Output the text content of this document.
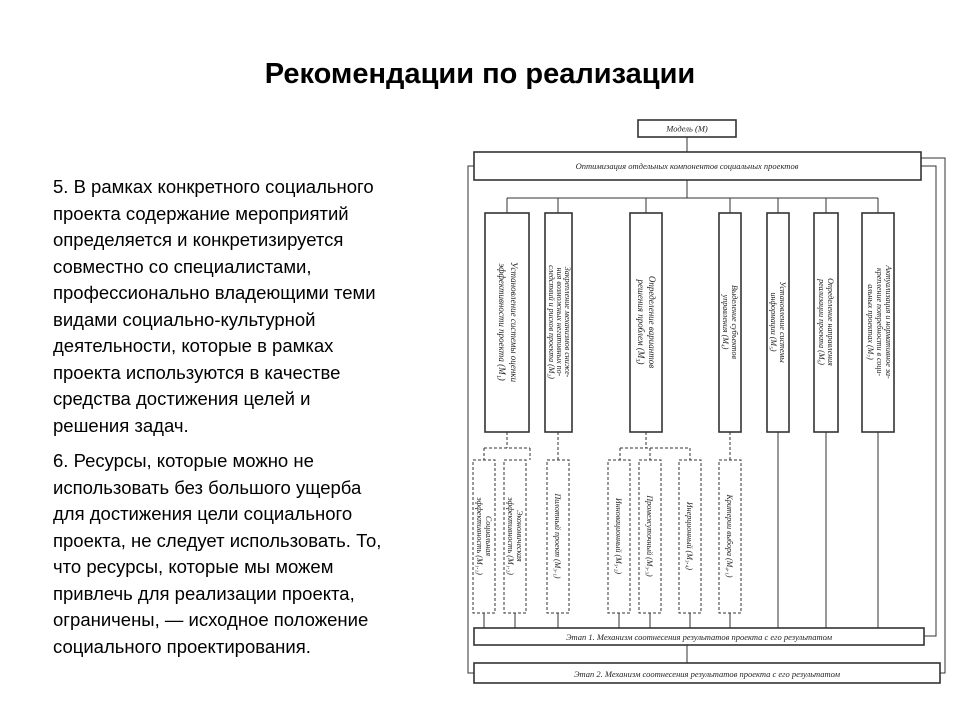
Рекомендации по реализации
5. В рамках конкретного социального
проекта содержание мероприятий
определяется и конкретизируется
совместно со специалистами,
профессионально владеющими теми
видами социально-культурной
деятельности, которые в рамках
проекта используются в качестве
средства достижения целей и
решения задач.
6. Ресурсы, которые можно не
использовать без большого ущерба
для достижения цели социального
проекта, не следует использовать. То,
что ресурсы, которые мы можем
привлечь для реализации проекта,
ограничены, — исходное положение
социального проектирования.
Модель (М)
Оптимизация отдельных компонентов социальных проектов
Установление системы оценки
эффективности проекта (М₁)	Закрепление механизмов сниже-
ния возможных негативных по-
следствий и рисков проекта (М₂)	Определение вариантов
решения проблем (М₃)	Выделение субъектов
управления (М₄)	Установление системы
информации (М₅)	Определение направления
реализации проекта (М₆)	Актуализация и нормативное за-
крепление потребности в соци-
альных проектах (М₇)
Социальная
эффективность (М₁.₁)	Экономическая
эффективность (М₁.₂)	Пилотный проект (М₃.₁)	Инновационный (М₃.₂)	Промежуточный (М₃.₃)	Инерционный (М₃.₄)	Критерии выбора (М₄.₁)
Этап 1. Механизм соотнесения результатов проекта с его результатом
Этап 2. Механизм соотнесения результатов проекта с его результатом
